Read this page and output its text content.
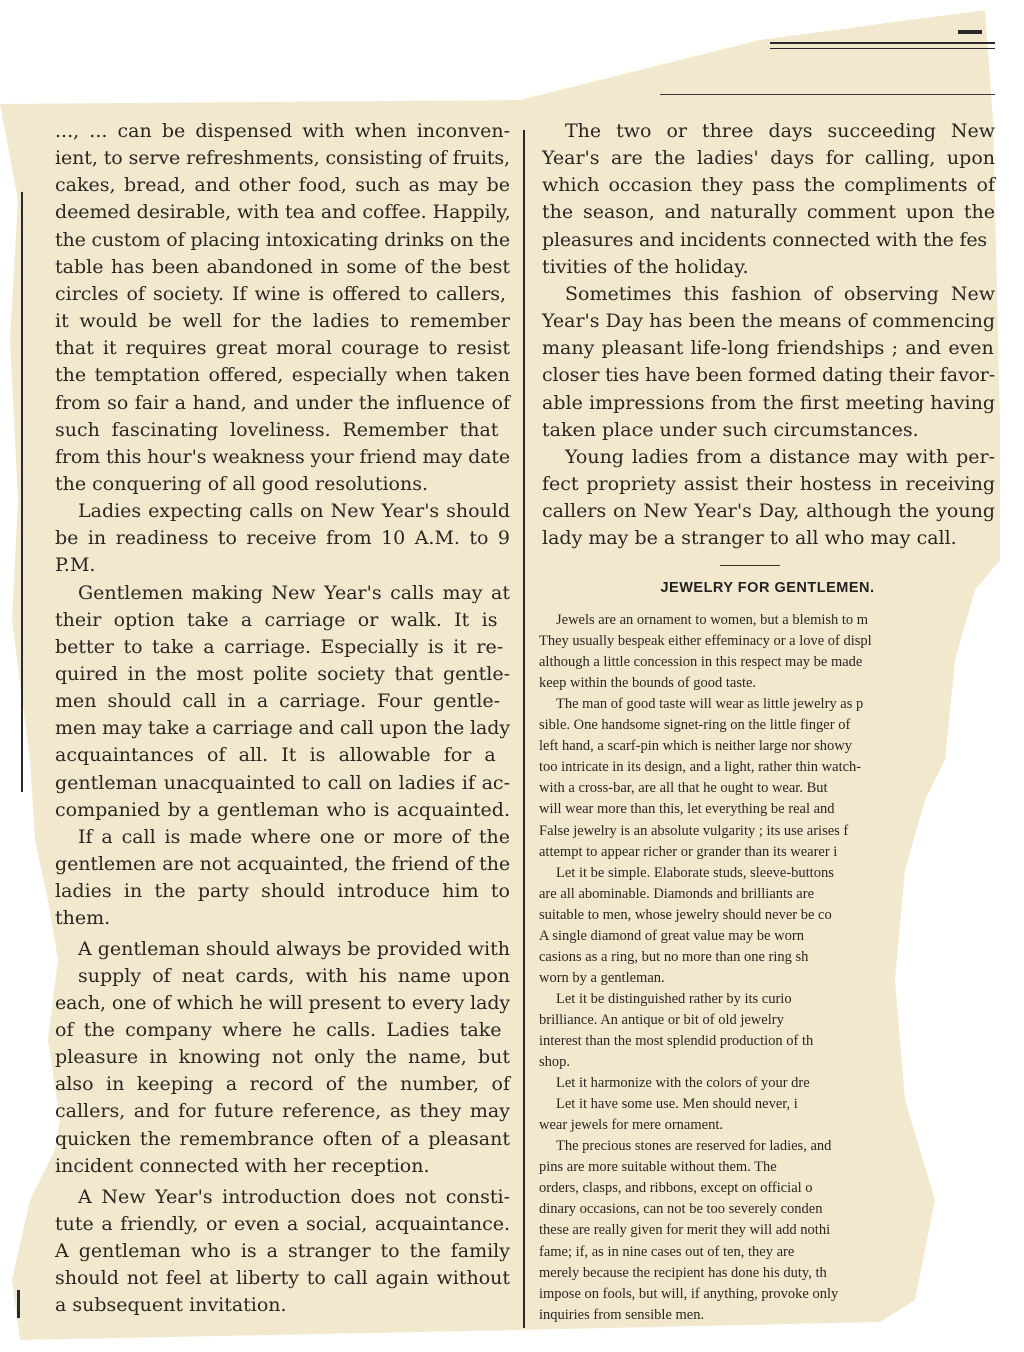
..., ... can be dispensed with when inconven-
ient, to serve refreshments, consisting of fruits,
cakes, bread, and other food, such as may be
deemed desirable, with tea and coffee. Happily,
the custom of placing intoxicating drinks on the
table has been abandoned in some of the best
circles of society. If wine is offered to callers,
it would be well for the ladies to remember
that it requires great moral courage to resist
the temptation offered, especially when taken
from so fair a hand, and under the influence of
such fascinating loveliness. Remember that
from this hour's weakness your friend may date
the conquering of all good resolutions.
Ladies expecting calls on New Year's should
be in readiness to receive from 10 A.M. to 9
P.M.
Gentlemen making New Year's calls may at
their option take a carriage or walk. It is
better to take a carriage. Especially is it re-
quired in the most polite society that gentle-
men should call in a carriage. Four gentle-
men may take a carriage and call upon the lady
acquaintances of all. It is allowable for a
gentleman unacquainted to call on ladies if ac-
companied by a gentleman who is acquainted.
If a call is made where one or more of the
gentlemen are not acquainted, the friend of the
ladies in the party should introduce him to
them.
A gentleman should always be provided with
supply of neat cards, with his name upon
each, one of which he will present to every lady
of the company where he calls. Ladies take
pleasure in knowing not only the name, but
also in keeping a record of the number, of
callers, and for future reference, as they may
quicken the remembrance often of a pleasant
incident connected with her reception.
A New Year's introduction does not consti-
tute a friendly, or even a social, acquaintance.
A gentleman who is a stranger to the family
should not feel at liberty to call again without
a subsequent invitation.
The two or three days succeeding New
Year's are the ladies' days for calling, upon
which occasion they pass the compliments of
the season, and naturally comment upon the
pleasures and incidents connected with the fes
tivities of the holiday.
Sometimes this fashion of observing New
Year's Day has been the means of commencing
many pleasant life-long friendships ; and even
closer ties have been formed dating their favor-
able impressions from the first meeting having
taken place under such circumstances.
Young ladies from a distance may with per-
fect propriety assist their hostess in receiving
callers on New Year's Day, although the young
lady may be a stranger to all who may call.
JEWELRY FOR GENTLEMEN.
Jewels are an ornament to women, but a blemish to m
They usually bespeak either effeminacy or a love of displ
although a little concession in this respect may be made
keep within the bounds of good taste.
The man of good taste will wear as little jewelry as p
sible. One handsome signet-ring on the little finger of
left hand, a scarf-pin which is neither large nor showy
too intricate in its design, and a light, rather thin watch-
with a cross-bar, are all that he ought to wear. But
will wear more than this, let everything be real and
False jewelry is an absolute vulgarity ; its use arises f
attempt to appear richer or grander than its wearer i
Let it be simple. Elaborate studs, sleeve-buttons
are all abominable. Diamonds and brilliants are
suitable to men, whose jewelry should never be co
A single diamond of great value may be worn
casions as a ring, but no more than one ring sh
worn by a gentleman.
Let it be distinguished rather by its curio
brilliance. An antique or bit of old jewelry
interest than the most splendid production of th
shop.
Let it harmonize with the colors of your dre
Let it have some use. Men should never, i
wear jewels for mere ornament.
The precious stones are reserved for ladies, and
pins are more suitable without them. The
orders, clasps, and ribbons, except on official o
dinary occasions, can not be too severely conden
these are really given for merit they will add nothi
fame; if, as in nine cases out of ten, they are
merely because the recipient has done his duty, th
impose on fools, but will, if anything, provoke only
inquiries from sensible men.
